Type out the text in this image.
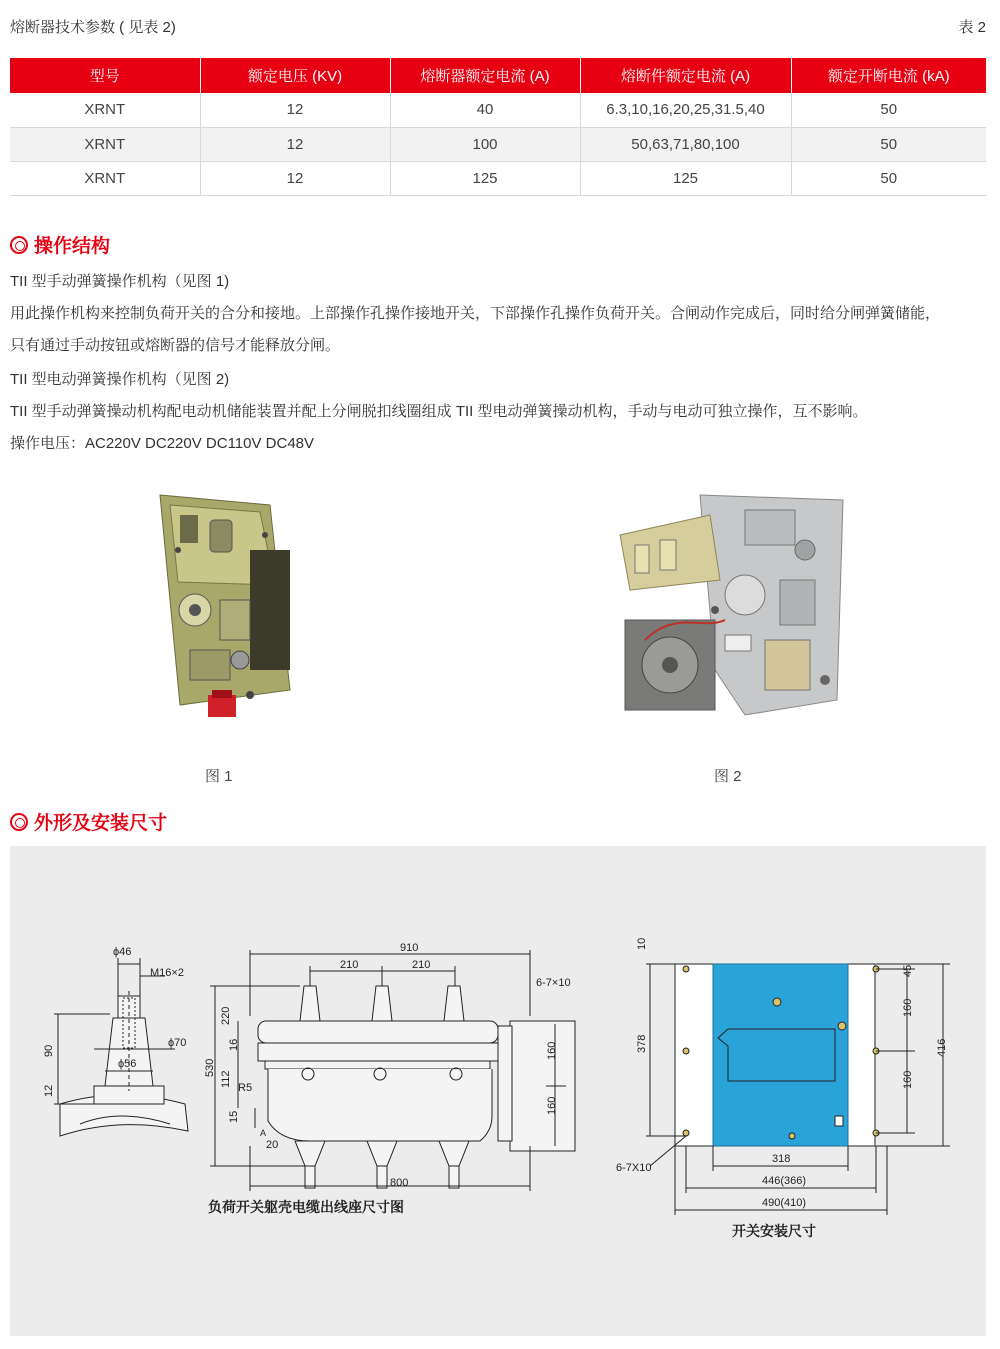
熔断器技术参数 ( 见表 2)	表 2
型号	额定电压 (KV)	熔断器额定电流 (A)	熔断件额定电流 (A)	额定开断电流 (kA)
XRNT	12	40	6.3,10,16,20,25,31.5,40	50
XRNT	12	100	50,63,71,80,100	50
XRNT	12	125	125	50
操作结构
TII 型手动弹簧操作机构（见图 1)
用此操作机构来控制负荷开关的合分和接地。上部操作孔操作接地开关，下部操作孔操作负荷开关。合闸动作完成后，同时给分闸弹簧储能，
只有通过手动按钮或熔断器的信号才能释放分闸。
TII 型电动弹簧操作机构（见图 2)
TII 型手动弹簧操动机构配电动机储能装置并配上分闸脱扣线圈组成 TII 型电动弹簧操动机构，手动与电动可独立操作，互不影响。
操作电压：AC220V DC220V DC110V DC48V
图 1	图 2
外形及安装尺寸
ϕ46
M16×2
ϕ70
ϕ56
90
12
910
210	210
6-7×10
220
16
530
112 R5
15
A
20
160
160
800
10
378
6-7X10
45
160
160
416
318
446(366)
490(410)
负荷开关躯壳电缆出线座尺寸图
开关安装尺寸
